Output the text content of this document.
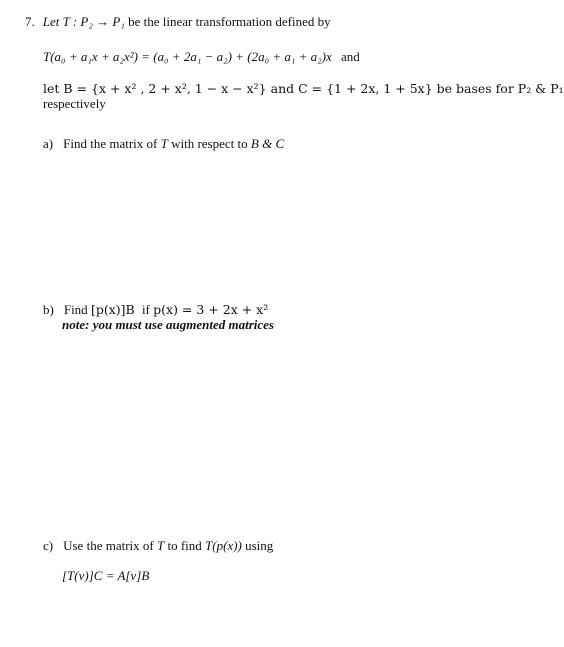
7. Let T : P₂ → P₁ be the linear transformation defined by
T(a₀ + a₁x + a₂x²) = (a₀ + 2a₁ − a₂) + (2a₀ + a₁ + a₂)x and
let B = {x + x² , 2 + x², 1 − x − x²} and C = {1 + 2x, 1 + 5x} be bases for P₂ & P₁
respectively
a) Find the matrix of T with respect to B & C
b) Find [p(x)]B if p(x) = 3 + 2x + x²
note: you must use augmented matrices
c) Use the matrix of T to find T(p(x)) using
[T(v)]C = A[v]B
